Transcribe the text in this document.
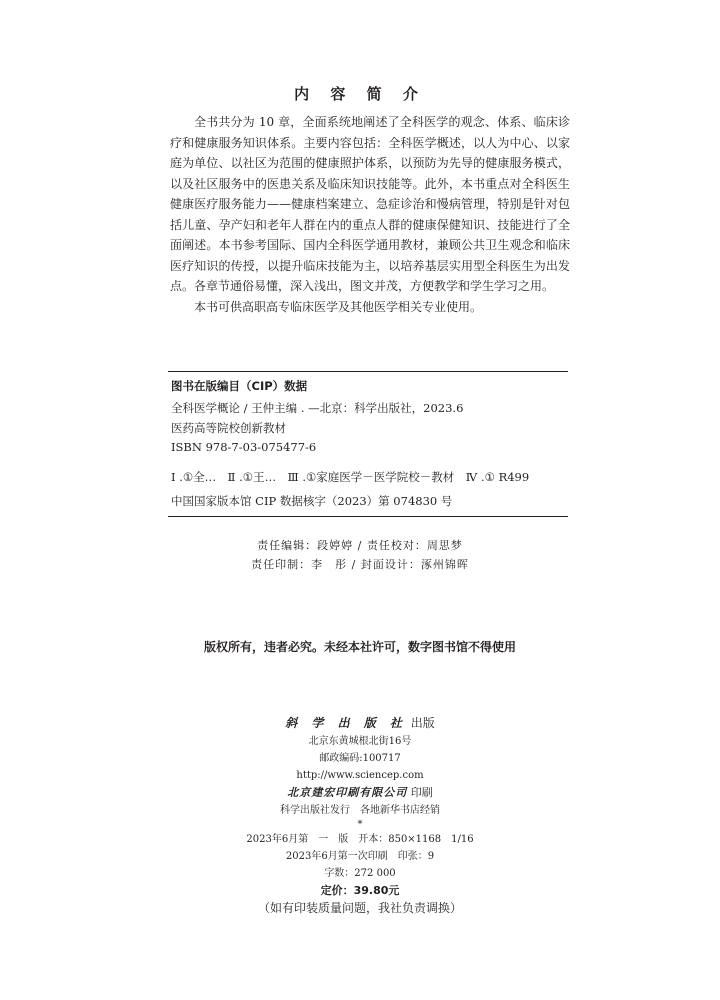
内 容 简 介

全书共分为 10 章，全面系统地阐述了全科医学的观念、体系、临床诊疗和健康服务知识体系。主要内容包括：全科医学概述，以人为中心、以家庭为单位、以社区为范围的健康照护体系，以预防为先导的健康服务模式，以及社区服务中的医患关系及临床知识技能等。此外，本书重点对全科医生健康医疗服务能力——健康档案建立、急症诊治和慢病管理，特别是针对包括儿童、孕产妇和老年人群在内的重点人群的健康保健知识、技能进行了全面阐述。本书参考国际、国内全科医学通用教材，兼顾公共卫生观念和临床医疗知识的传授，以提升临床技能为主，以培养基层实用型全科医生为出发点。各章节通俗易懂，深入浅出，图文并茂，方便教学和学生学习之用。

本书可供高职高专临床医学及其他医学相关专业使用。

图书在版编目（CIP）数据
全科医学概论 / 王仲主编 . —北京：科学出版社，2023.6
医药高等院校创新教材
ISBN 978-7-03-075477-6
Ⅰ .①全…　Ⅱ .①王…　Ⅲ .①家庭医学－医学院校－教材　Ⅳ .① R499
中国国家版本馆 CIP 数据核字（2023）第 074830 号
责任编辑：段婷婷 / 责任校对：周思梦
责任印制：李　彤 / 封面设计：涿州锦晖
版权所有，违者必究。未经本社许可，数字图书馆不得使用
斜 学 出 版 社 出版
北京东黄城根北街16号
邮政编码:100717
http://www.sciencep.com
北京建宏印刷有限公司 印刷
科学出版社发行　各地新华书店经销
*
2023年6月第　一　版　开本：850×1168　1/16
2023年6月第一次印刷　印张：9
字数：272 000
定价：39.80元
（如有印装质量问题，我社负责调换）
